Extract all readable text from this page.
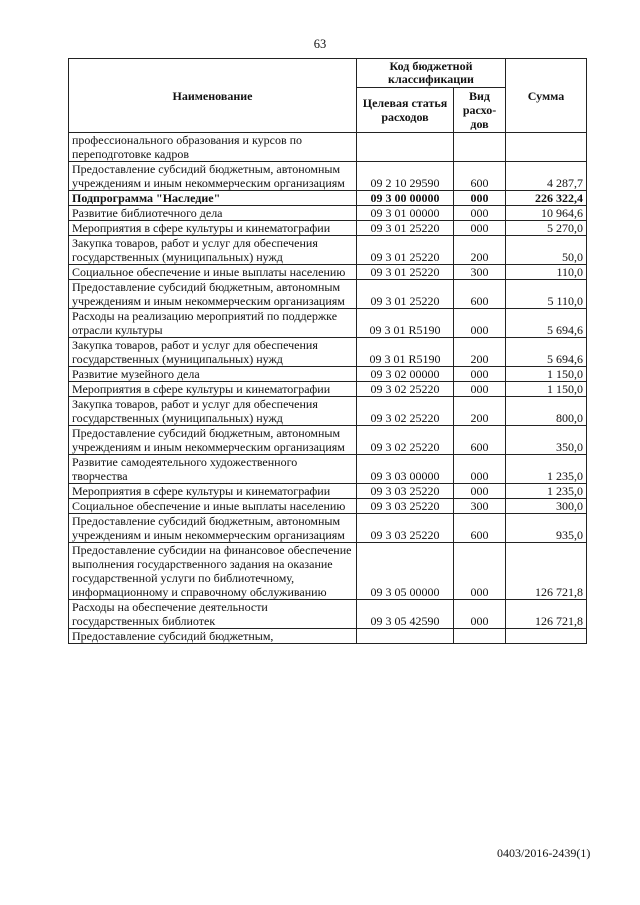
63
Наименование	Код бюджетной классификации		Сумма
	Целевая статья расходов	Вид расхо-дов	
профессионального образования и курсов по переподготовке кадров			
Предоставление субсидий бюджетным, автономным учреждениям и иным некоммерческим организациям	09 2 10 29590	600	4 287,7
Подпрограмма "Наследие"	09 3 00 00000	000	226 322,4
Развитие библиотечного дела	09 3 01 00000	000	10 964,6
Мероприятия в сфере культуры и кинематографии	09 3 01 25220	000	5 270,0
Закупка товаров, работ и услуг для обеспечения государственных (муниципальных) нужд	09 3 01 25220	200	50,0
Социальное обеспечение и иные выплаты населению	09 3 01 25220	300	110,0
Предоставление субсидий бюджетным, автономным учреждениям и иным некоммерческим организациям	09 3 01 25220	600	5 110,0
Расходы на реализацию мероприятий по поддержке отрасли культуры	09 3 01 R5190	000	5 694,6
Закупка товаров, работ и услуг для обеспечения государственных (муниципальных) нужд	09 3 01 R5190	200	5 694,6
Развитие музейного дела	09 3 02 00000	000	1 150,0
Мероприятия в сфере культуры и кинематографии	09 3 02 25220	000	1 150,0
Закупка товаров, работ и услуг для обеспечения государственных (муниципальных) нужд	09 3 02 25220	200	800,0
Предоставление субсидий бюджетным, автономным учреждениям и иным некоммерческим организациям	09 3 02 25220	600	350,0
Развитие самодеятельного художественного творчества	09 3 03 00000	000	1 235,0
Мероприятия в сфере культуры и кинематографии	09 3 03 25220	000	1 235,0
Социальное обеспечение и иные выплаты населению	09 3 03 25220	300	300,0
Предоставление субсидий бюджетным, автономным учреждениям и иным некоммерческим организациям	09 3 03 25220	600	935,0
Предоставление субсидии на финансовое обеспечение выполнения государственного задания на оказание государственной услуги по библиотечному, информационному и справочному обслуживанию	09 3 05 00000	000	126 721,8
Расходы на обеспечение деятельности государственных библиотек	09 3 05 42590	000	126 721,8
Предоставление субсидий бюджетным,			
0403/2016-2439(1)
